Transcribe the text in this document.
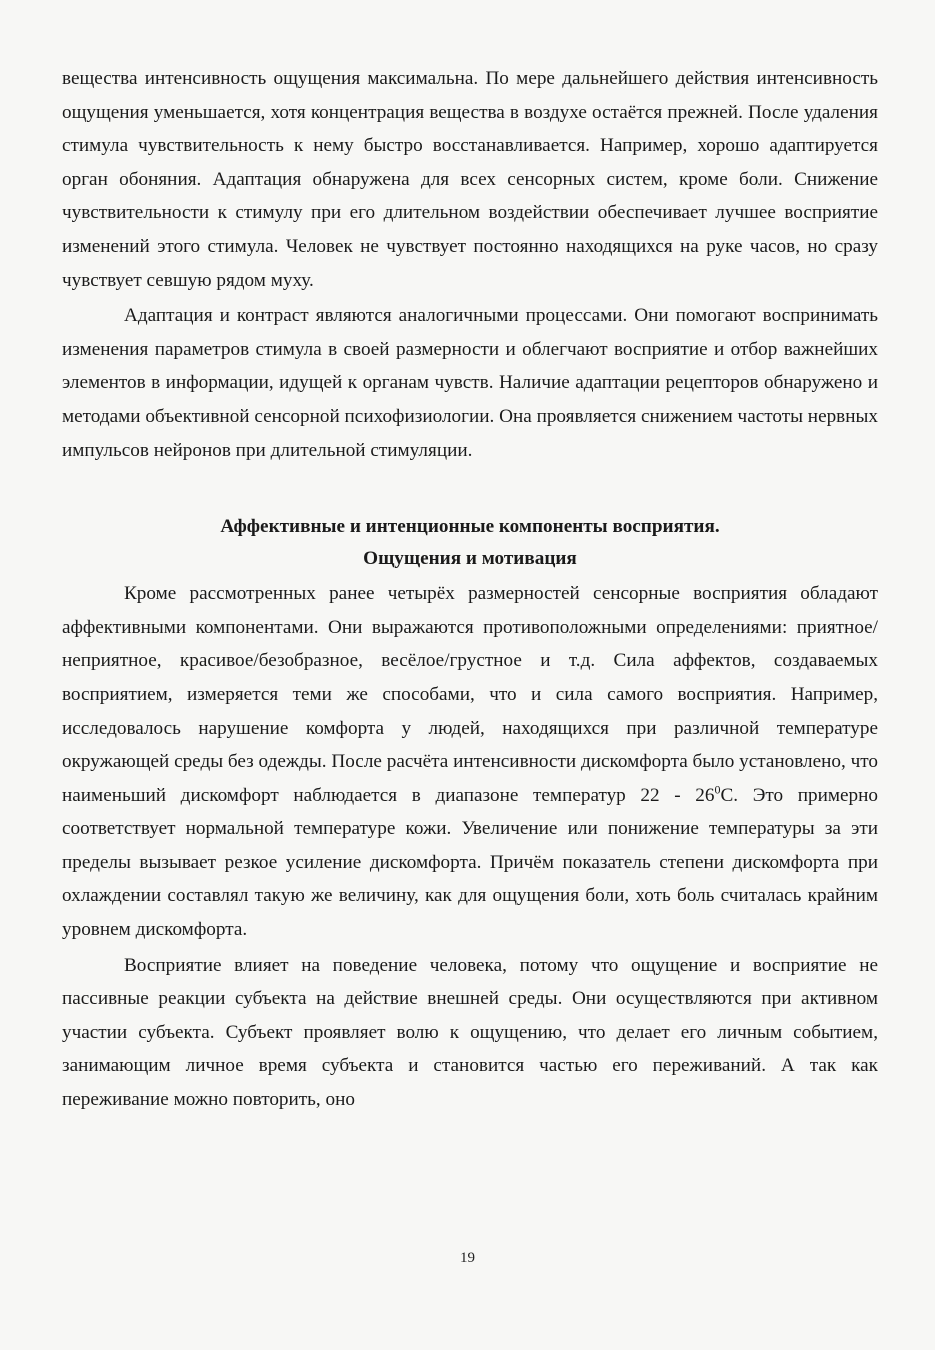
вещества интенсивность ощущения максимальна. По мере дальнейшего действия интенсивность ощущения уменьшается, хотя концентрация вещества в воздухе остаётся прежней. После удаления стимула чувствительность к нему быстро восстанавливается. Например, хорошо адаптируется орган обоняния. Адаптация обнаружена для всех сенсорных систем, кроме боли. Снижение чувствительности к стимулу при его длительном воздействии обеспечивает лучшее восприятие изменений этого стимула. Человек не чувствует постоянно находящихся на руке часов, но сразу чувствует севшую рядом муху.

Адаптация и контраст являются аналогичными процессами. Они помогают воспринимать изменения параметров стимула в своей размерности и облегчают восприятие и отбор важнейших элементов в информации, идущей к органам чувств. Наличие адаптации рецепторов обнаружено и методами объективной сенсорной психофизиологии. Она проявляется снижением частоты нервных импульсов нейронов при длительной стимуляции.

Аффективные и интенционные компоненты восприятия.
Ощущения и мотивация

Кроме рассмотренных ранее четырёх размерностей сенсорные восприятия обладают аффективными компонентами. Они выражаются противоположными определениями: приятное/неприятное, красивое/безобразное, весёлое/грустное и т.д. Сила аффектов, создаваемых восприятием, измеряется теми же способами, что и сила самого восприятия. Например, исследовалось нарушение комфорта у людей, находящихся при различной температуре окружающей среды без одежды. После расчёта интенсивности дискомфорта было установлено, что наименьший дискомфорт наблюдается в диапазоне температур $22 - 26^0С$. Это примерно соответствует нормальной температуре кожи. Увеличение или понижение температуры за эти пределы вызывает резкое усиление дискомфорта. Причём показатель степени дискомфорта при охлаждении составлял такую же величину, как для ощущения боли, хоть боль считалась крайним уровнем дискомфорта.

Восприятие влияет на поведение человека, потому что ощущение и восприятие не пассивные реакции субъекта на действие внешней среды. Они осуществляются при активном участии субъекта. Субъект проявляет волю к ощущению, что делает его личным событием, занимающим личное время субъекта и становится частью его переживаний. А так как переживание можно повторить, оно

19
